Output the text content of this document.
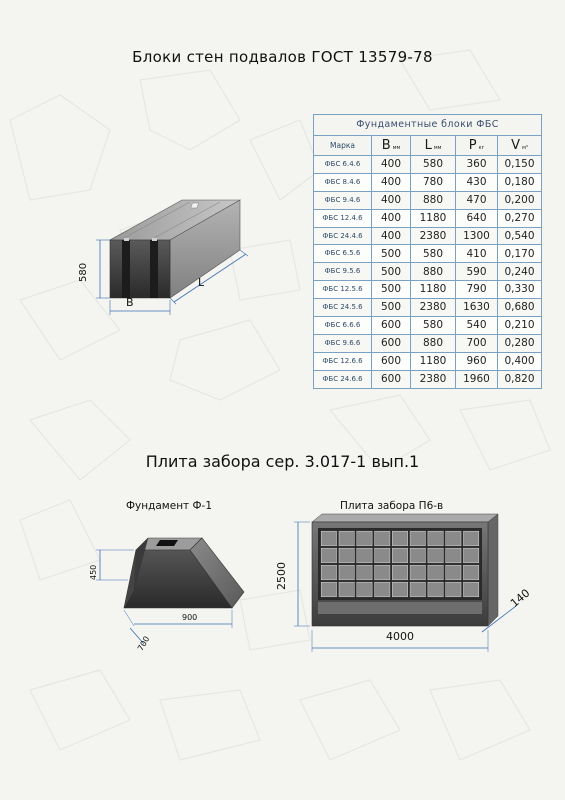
Блоки стен подвалов ГОСТ 13579-78
580
B
L
Фундаментные блоки ФБС				
Марка	B мм	L мм	P кг	V м³
ФБС 6.4.6	400	580	360	0,150
ФБС 8.4.6	400	780	430	0,180
ФБС 9.4.6	400	880	470	0,200
ФБС 12.4.6	400	1180	640	0,270
ФБС 24.4.6	400	2380	1300	0,540
ФБС 6.5.6	500	580	410	0,170
ФБС 9.5.6	500	880	590	0,240
ФБС 12.5.6	500	1180	790	0,330
ФБС 24.5.6	500	2380	1630	0,680
ФБС 6.6.6	600	580	540	0,210
ФБС 9.6.6	600	880	700	0,280
ФБС 12.6.6	600	1180	960	0,400
ФБС 24.6.6	600	2380	1960	0,820
Плита забора сер. 3.017-1 вып.1
Фундамент Ф-1
450
900
700
Плита забора П6-в
2500
4000
140
